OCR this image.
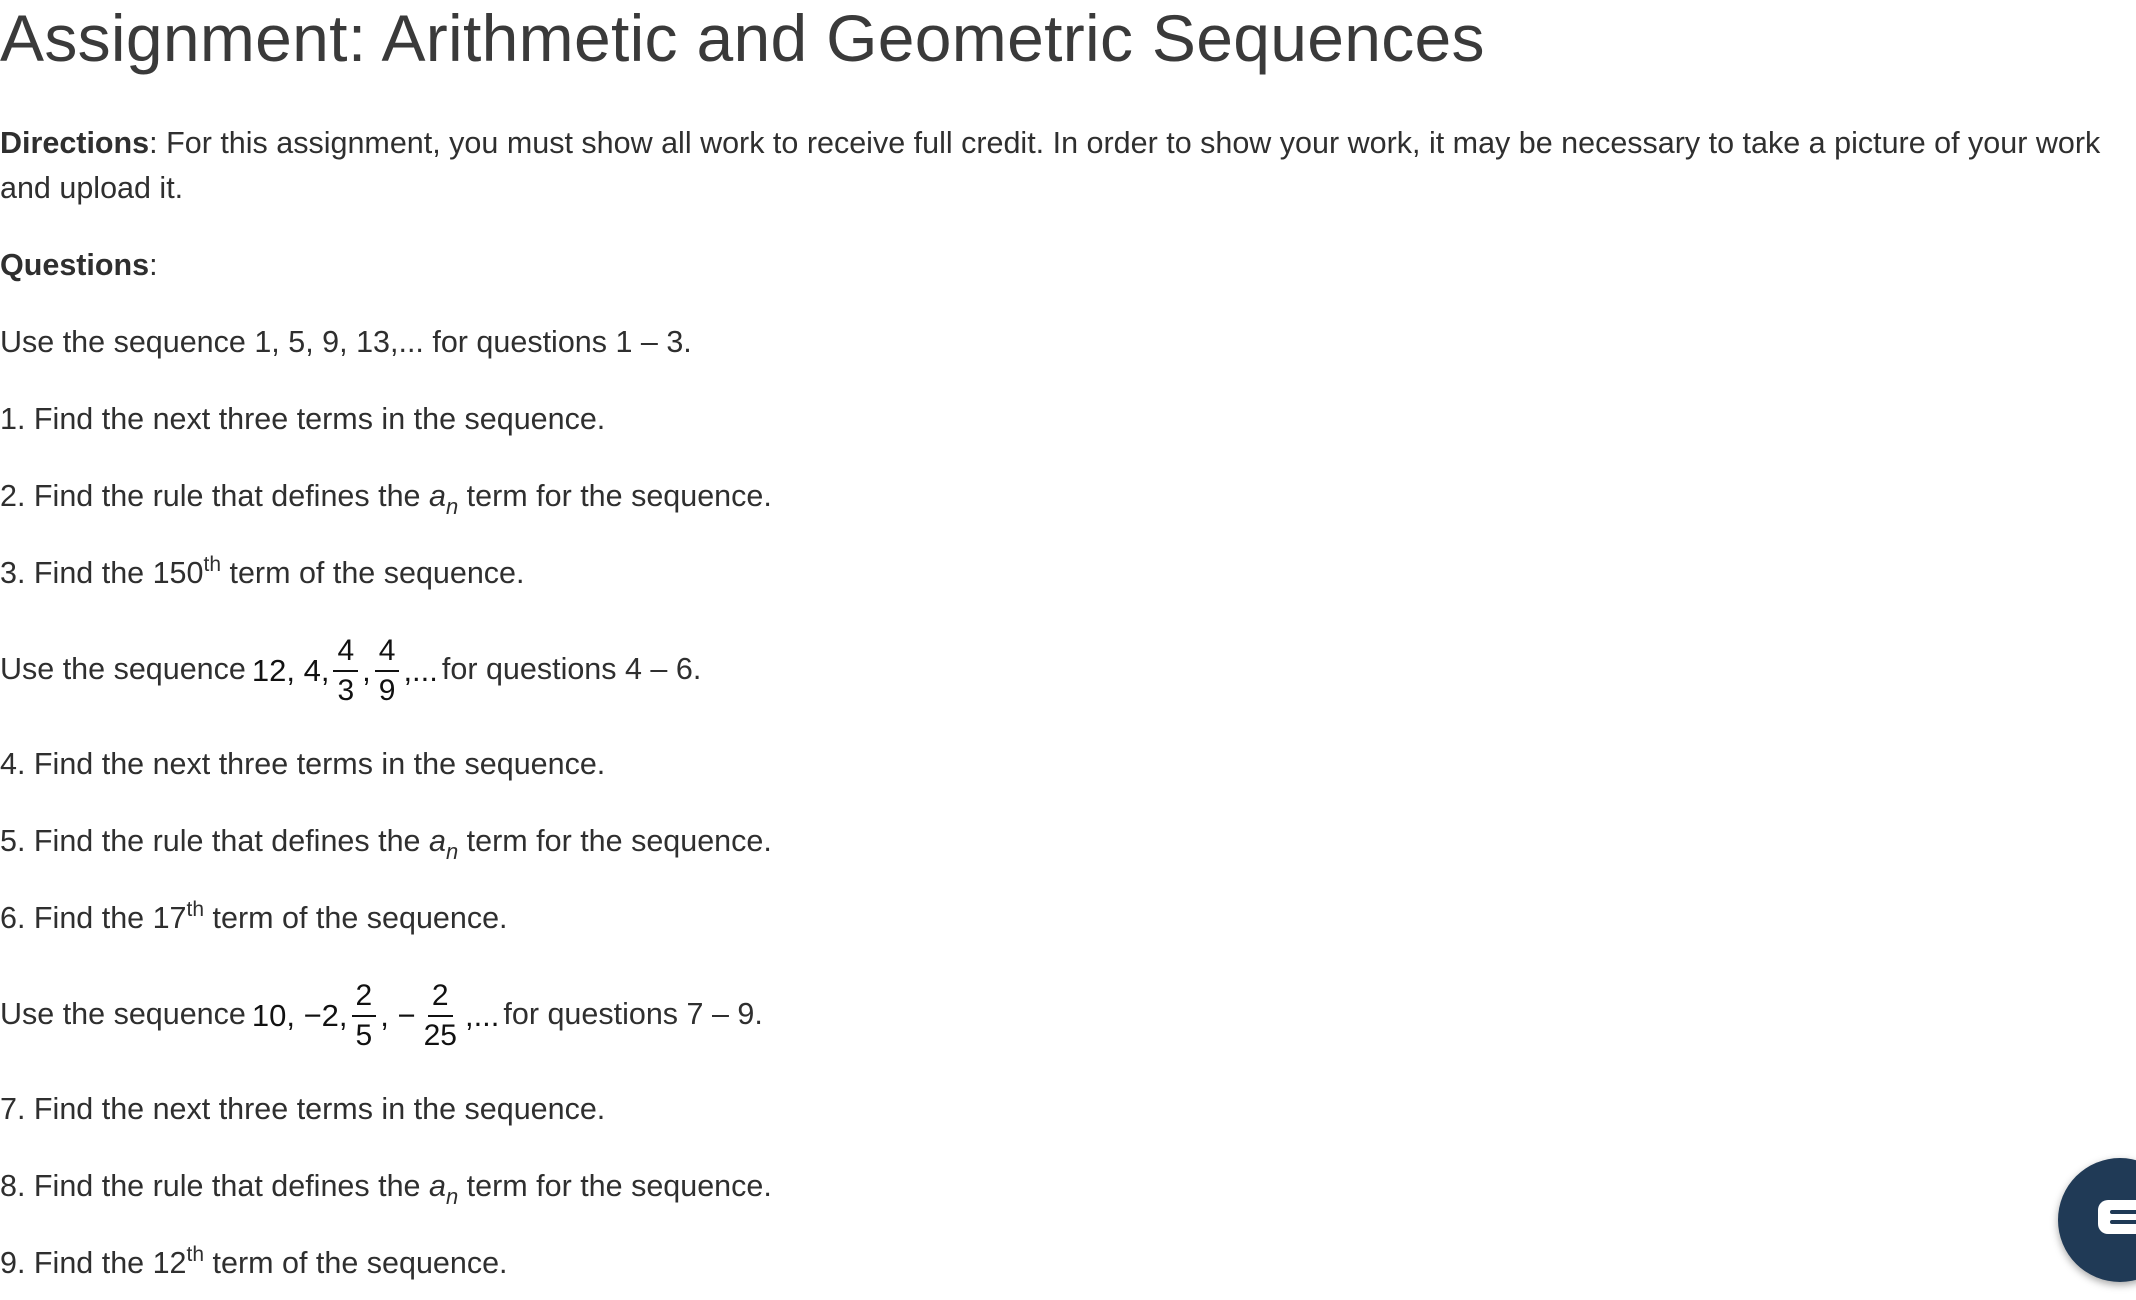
Assignment: Arithmetic and Geometric Sequences

Directions: For this assignment, you must show all work to receive full credit. In order to show your work, it may be necessary to take a picture of your work and upload it.

Questions:

Use the sequence 1, 5, 9, 13,... for questions 1 – 3.

1. Find the next three terms in the sequence.

2. Find the rule that defines the $a_n$ term for the sequence.

3. Find the 150th term of the sequence.

Use the sequence 12, 4, $\frac{4}{3}$ , $\frac{4}{9}$ ,... for questions 4 – 6.

4. Find the next three terms in the sequence.

5. Find the rule that defines the $a_n$ term for the sequence.

6. Find the 17th term of the sequence.

Use the sequence 10, −2, $\frac{2}{5}$ , − $\frac{2}{25}$ ,... for questions 7 – 9.

7. Find the next three terms in the sequence.

8. Find the rule that defines the $a_n$ term for the sequence.

9. Find the 12th term of the sequence.
